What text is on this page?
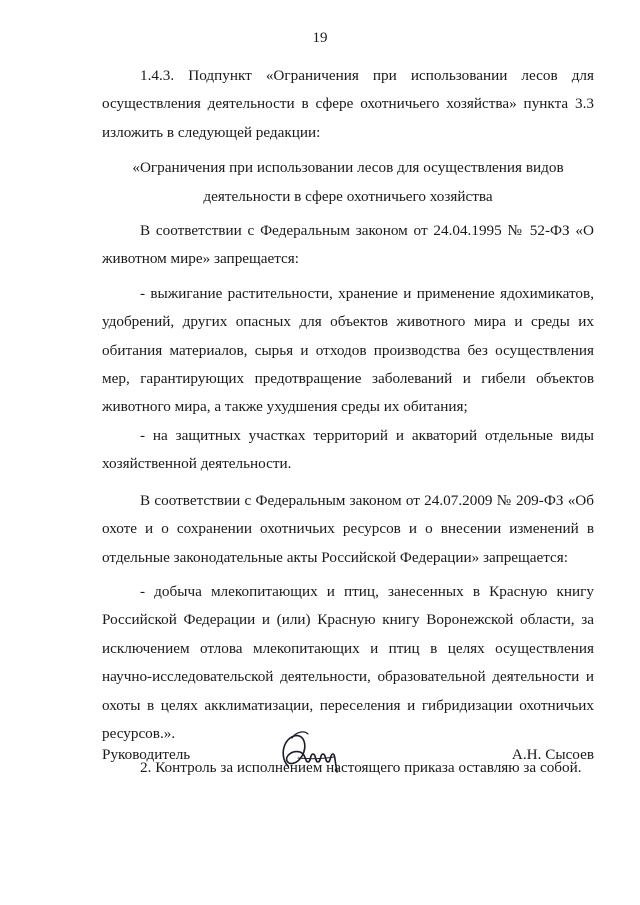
19

1.4.3. Подпункт «Ограничения при использовании лесов для осуществления деятельности в сфере охотничьего хозяйства» пункта 3.3 изложить в следующей редакции:

«Ограничения при использовании лесов для осуществления видов
деятельности в сфере охотничьего хозяйства

В соответствии с Федеральным законом от 24.04.1995 № 52-ФЗ «О животном мире» запрещается:

- выжигание растительности, хранение и применение ядохимикатов, удобрений, других опасных для объектов животного мира и среды их обитания материалов, сырья и отходов производства без осуществления мер, гарантирующих предотвращение заболеваний и гибели объектов животного мира, а также ухудшения среды их обитания;

- на защитных участках территорий и акваторий отдельные виды хозяйственной деятельности.

В соответствии с Федеральным законом от 24.07.2009 № 209-ФЗ «Об охоте и о сохранении охотничьих ресурсов и о внесении изменений в отдельные законодательные акты Российской Федерации» запрещается:

- добыча млекопитающих и птиц, занесенных в Красную книгу Российской Федерации и (или) Красную книгу Воронежской области, за исключением отлова млекопитающих и птиц в целях осуществления научно-исследовательской деятельности, образовательной деятельности и охоты в целях акклиматизации, переселения и гибридизации охотничьих ресурсов.».

2. Контроль за исполнением настоящего приказа оставляю за собой.

Руководитель	А.Н. Сысоев
